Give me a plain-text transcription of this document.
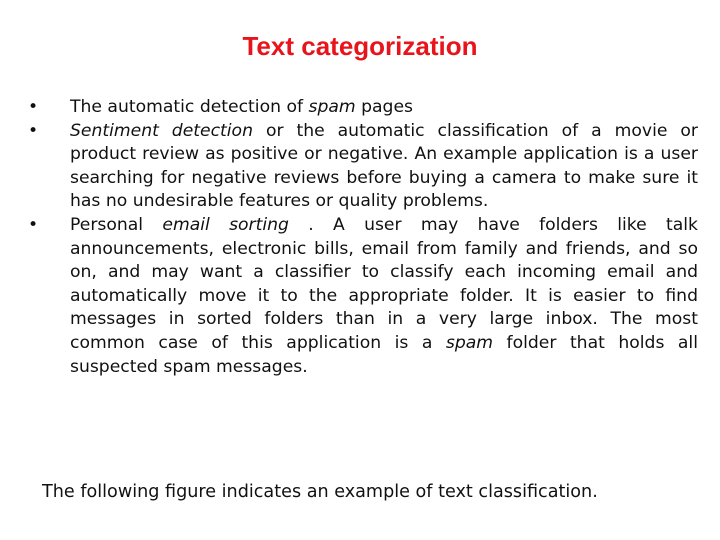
Text categorization
•	The automatic detection of spam pages
•	Sentiment detection or the automatic classification of a movie or product review as positive or negative. An example application is a user searching for negative reviews before buying a camera to make sure it has no undesirable features or quality problems.
•	Personal email sorting . A user may have folders like talk announcements, electronic bills, email from family and friends, and so on, and may want a classifier to classify each incoming email and automatically move it to the appropriate folder. It is easier to find messages in sorted folders than in a very large inbox. The most common case of this application is a spam folder that holds all suspected spam messages.
The following figure indicates an example of text classification.
